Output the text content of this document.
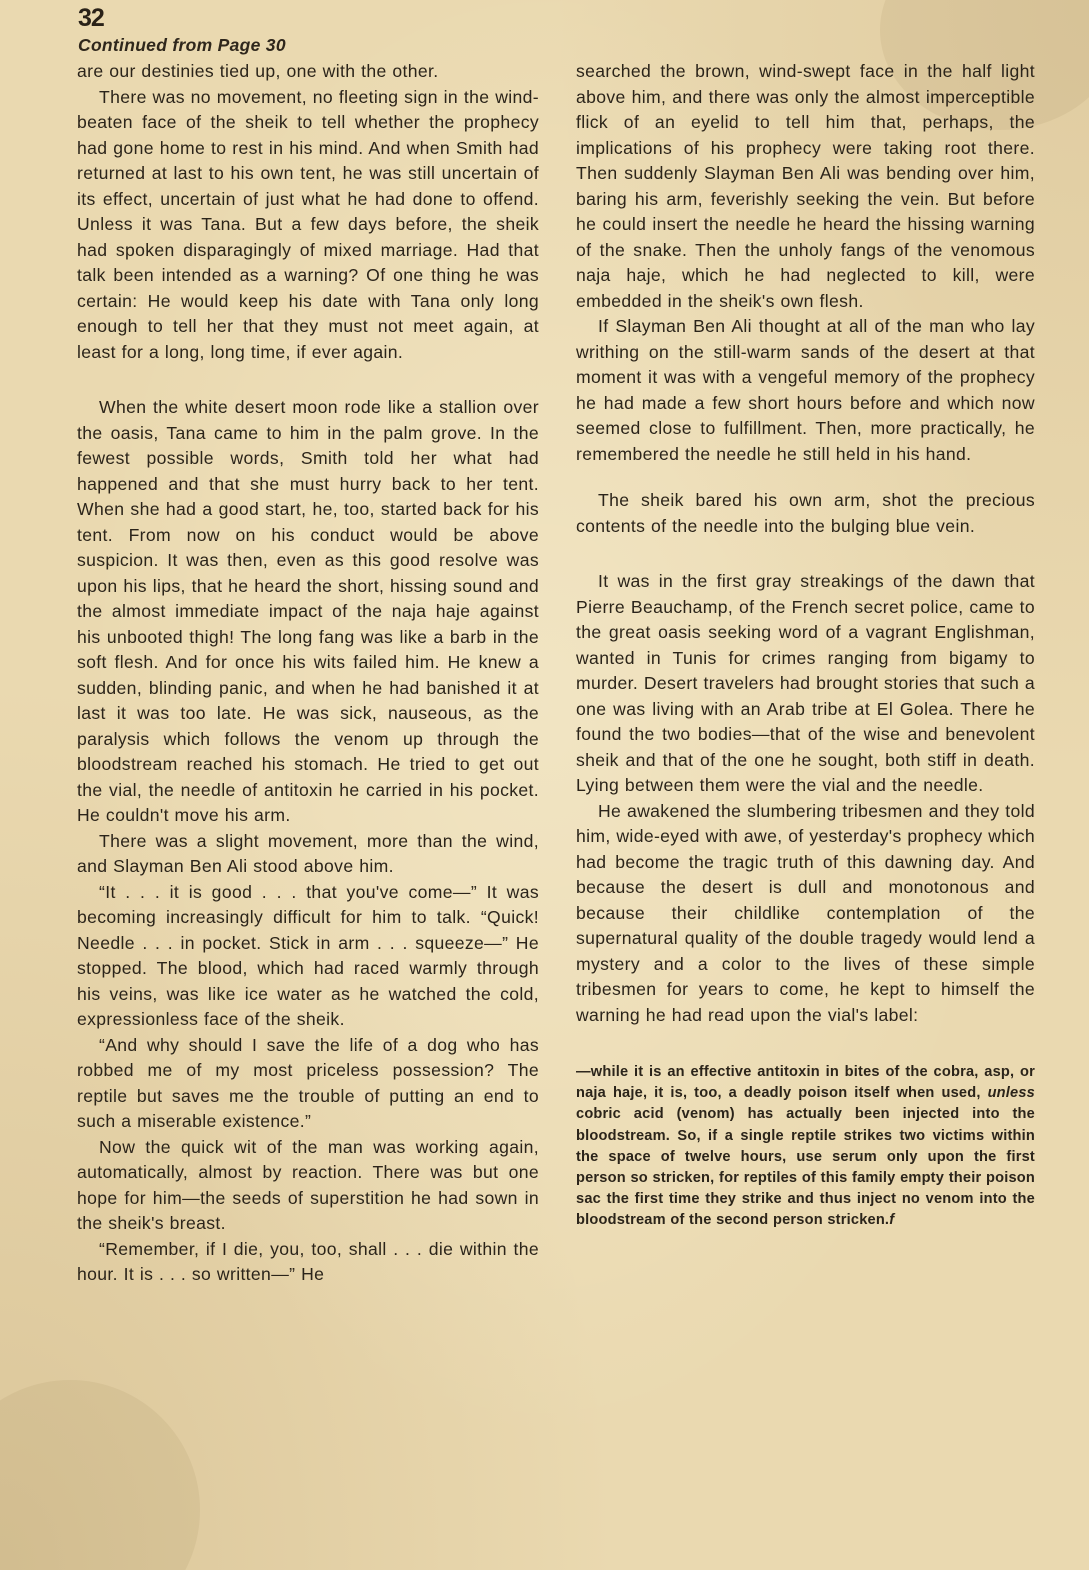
32
Continued from Page 30

are our destinies tied up, one with the other.

There was no movement, no fleeting sign in the wind-beaten face of the sheik to tell whether the prophecy had gone home to rest in his mind. And when Smith had returned at last to his own tent, he was still uncertain of its effect, uncertain of just what he had done to offend. Unless it was Tana. But a few days before, the sheik had spoken disparagingly of mixed marriage. Had that talk been intended as a warning? Of one thing he was certain: He would keep his date with Tana only long enough to tell her that they must not meet again, at least for a long, long time, if ever again.

When the white desert moon rode like a stallion over the oasis, Tana came to him in the palm grove. In the fewest possible words, Smith told her what had happened and that she must hurry back to her tent. When she had a good start, he, too, started back for his tent. From now on his conduct would be above suspicion. It was then, even as this good resolve was upon his lips, that he heard the short, hissing sound and the almost immediate impact of the naja haje against his unbooted thigh! The long fang was like a barb in the soft flesh. And for once his wits failed him. He knew a sudden, blinding panic, and when he had banished it at last it was too late. He was sick, nauseous, as the paralysis which follows the venom up through the bloodstream reached his stomach. He tried to get out the vial, the needle of antitoxin he carried in his pocket. He couldn't move his arm.

There was a slight movement, more than the wind, and Slayman Ben Ali stood above him.

“It . . . it is good . . . that you've come—” It was becoming increasingly difficult for him to talk. “Quick! Needle . . . in pocket. Stick in arm . . . squeeze—” He stopped. The blood, which had raced warmly through his veins, was like ice water as he watched the cold, expressionless face of the sheik.

“And why should I save the life of a dog who has robbed me of my most priceless possession? The reptile but saves me the trouble of putting an end to such a miserable existence.”

Now the quick wit of the man was working again, automatically, almost by reaction. There was but one hope for him—the seeds of superstition he had sown in the sheik's breast.

“Remember, if I die, you, too, shall . . . die within the hour. It is . . . so written—” He

searched the brown, wind-swept face in the half light above him, and there was only the almost imperceptible flick of an eyelid to tell him that, perhaps, the implications of his prophecy were taking root there. Then suddenly Slayman Ben Ali was bending over him, baring his arm, feverishly seeking the vein. But before he could insert the needle he heard the hissing warning of the snake. Then the unholy fangs of the venomous naja haje, which he had neglected to kill, were embedded in the sheik's own flesh.

If Slayman Ben Ali thought at all of the man who lay writhing on the still-warm sands of the desert at that moment it was with a vengeful memory of the prophecy he had made a few short hours before and which now seemed close to fulfillment. Then, more practically, he remembered the needle he still held in his hand.

The sheik bared his own arm, shot the precious contents of the needle into the bulging blue vein.

It was in the first gray streakings of the dawn that Pierre Beauchamp, of the French secret police, came to the great oasis seeking word of a vagrant Englishman, wanted in Tunis for crimes ranging from bigamy to murder. Desert travelers had brought stories that such a one was living with an Arab tribe at El Golea. There he found the two bodies—that of the wise and benevolent sheik and that of the one he sought, both stiff in death. Lying between them were the vial and the needle.

He awakened the slumbering tribesmen and they told him, wide-eyed with awe, of yesterday's prophecy which had become the tragic truth of this dawning day. And because the desert is dull and monotonous and because their childlike contemplation of the supernatural quality of the double tragedy would lend a mystery and a color to the lives of these simple tribesmen for years to come, he kept to himself the warning he had read upon the vial's label:

—while it is an effective antitoxin in bites of the cobra, asp, or naja haje, it is, too, a deadly poison itself when used, unless cobric acid (venom) has actually been injected into the bloodstream. So, if a single reptile strikes two victims within the space of twelve hours, use serum only upon the first person so stricken, for reptiles of this family empty their poison sac the first time they strike and thus inject no venom into the bloodstream of the second person stricken.f
